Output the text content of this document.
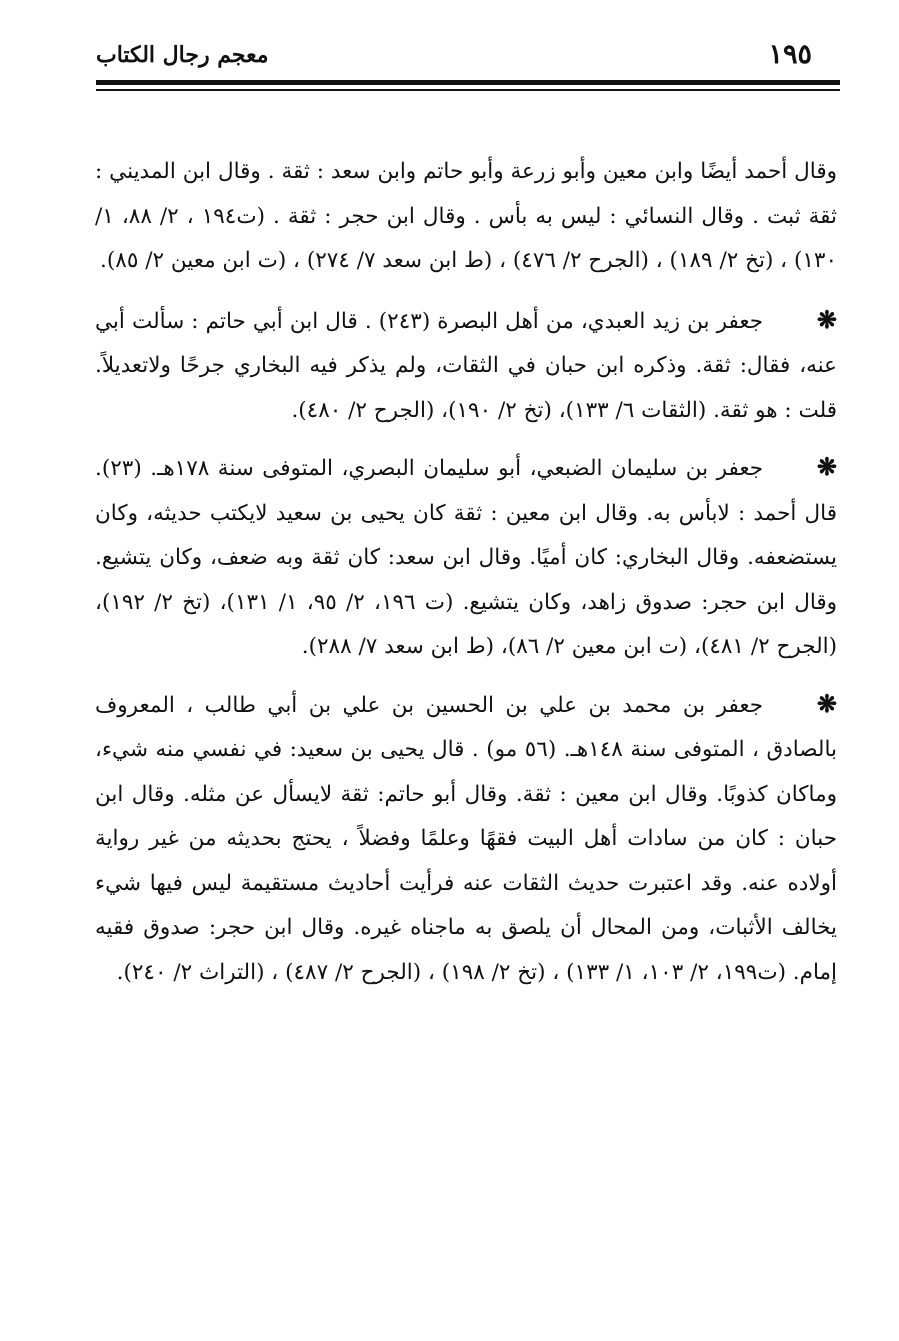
١٩٥
معجم رجال الكتاب

وقال أحمد أيضًا وابن معين وأبو زرعة وأبو حاتم وابن سعد : ثقة . وقال ابن المديني : ثقة ثبت . وقال النسائي : ليس به بأس . وقال ابن حجر : ثقة . (ت١٩٤ ، ٢/ ٨٨، ١/ ١٣٠) ، (تخ ٢/ ١٨٩) ، (الجرح ٢/ ٤٧٦) ، (ط ابن سعد ٧/ ٢٧٤) ، (ت ابن معين ٢/ ٨٥).

❋جعفر بن زيد العبدي، من أهل البصرة (٢٤٣) . قال ابن أبي حاتم : سألت أبي عنه، فقال: ثقة. وذكره ابن حبان في الثقات، ولم يذكر فيه البخاري جرحًا ولاتعديلاً. قلت : هو ثقة. (الثقات ٦/ ١٣٣)، (تخ ٢/ ١٩٠)، (الجرح ٢/ ٤٨٠).

❋جعفر بن سليمان الضبعي، أبو سليمان البصري، المتوفى سنة ١٧٨هـ. (٢٣). قال أحمد : لابأس به. وقال ابن معين : ثقة كان يحيى بن سعيد لايكتب حديثه، وكان يستضعفه. وقال البخاري: كان أميًا. وقال ابن سعد: كان ثقة وبه ضعف، وكان يتشيع. وقال ابن حجر: صدوق زاهد، وكان يتشيع. (ت ١٩٦، ٢/ ٩٥، ١/ ١٣١)، (تخ ٢/ ١٩٢)، (الجرح ٢/ ٤٨١)، (ت ابن معين ٢/ ٨٦)، (ط ابن سعد ٧/ ٢٨٨).

❋جعفر بن محمد بن علي بن الحسين بن علي بن أبي طالب ، المعروف بالصادق ، المتوفى سنة ١٤٨هـ. (٥٦ مو) . قال يحيى بن سعيد: في نفسي منه شيء، وماكان كذوبًا. وقال ابن معين : ثقة. وقال أبو حاتم: ثقة لايسأل عن مثله. وقال ابن حبان : كان من سادات أهل البيت فقهًا وعلمًا وفضلاً ، يحتج بحديثه من غير رواية أولاده عنه. وقد اعتبرت حديث الثقات عنه فرأيت أحاديث مستقيمة ليس فيها شيء يخالف الأثبات، ومن المحال أن يلصق به ماجناه غيره. وقال ابن حجر: صدوق فقيه إمام. (ت١٩٩، ٢/ ١٠٣، ١/ ١٣٣) ، (تخ ٢/ ١٩٨) ، (الجرح ٢/ ٤٨٧) ، (التراث ٢/ ٢٤٠).
